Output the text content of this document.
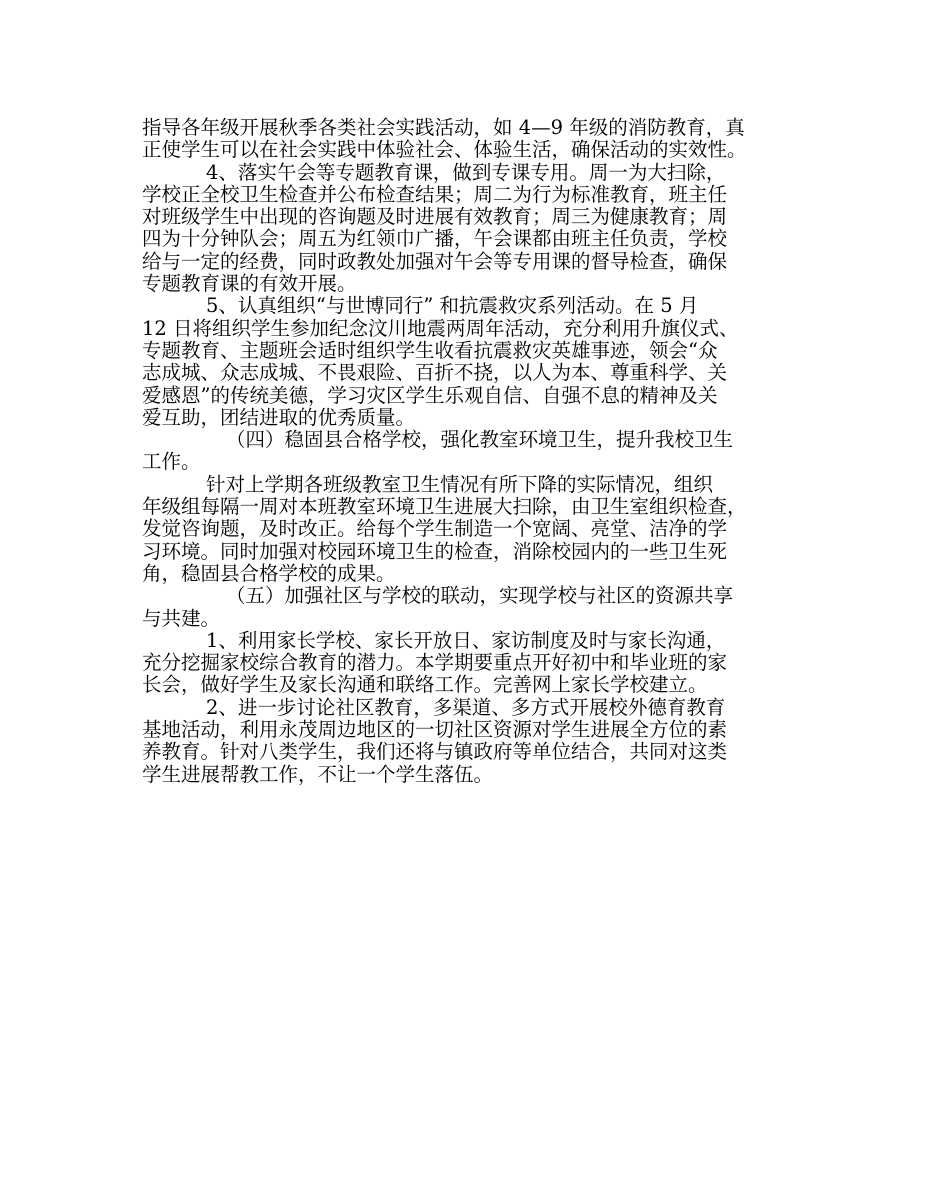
指导各年级开展秋季各类社会实践活动，如 4—9 年级的消防教育，真
正使学生可以在社会实践中体验社会、体验生活，确保活动的实效性。
4、落实午会等专题教育课，做到专课专用。周一为大扫除，
学校正全校卫生检查并公布检查结果；周二为行为标准教育，班主任
对班级学生中出现的咨询题及时进展有效教育；周三为健康教育；周
四为十分钟队会；周五为红领巾广播，午会课都由班主任负责，学校
给与一定的经费，同时政教处加强对午会等专用课的督导检查，确保
专题教育课的有效开展。
5、认真组织“与世博同行” 和抗震救灾系列活动。在 5 月
12 日将组织学生参加纪念汶川地震两周年活动，充分利用升旗仪式、
专题教育、主题班会适时组织学生收看抗震救灾英雄事迹，领会“众
志成城、众志成城、不畏艰险、百折不挠，以人为本、尊重科学、关
爱感恩”的传统美德，学习灾区学生乐观自信、自强不息的精神及关
爱互助，团结进取的优秀质量。
（四）稳固县合格学校，强化教室环境卫生，提升我校卫生
工作。
针对上学期各班级教室卫生情况有所下降的实际情况，组织
年级组每隔一周对本班教室环境卫生进展大扫除，由卫生室组织检查，
发觉咨询题，及时改正。给每个学生制造一个宽阔、亮堂、洁净的学
习环境。同时加强对校园环境卫生的检查，消除校园内的一些卫生死
角，稳固县合格学校的成果。
（五）加强社区与学校的联动，实现学校与社区的资源共享
与共建。
1、利用家长学校、家长开放日、家访制度及时与家长沟通，
充分挖掘家校综合教育的潜力。本学期要重点开好初中和毕业班的家
长会，做好学生及家长沟通和联络工作。完善网上家长学校建立。
2、进一步讨论社区教育，多渠道、多方式开展校外德育教育
基地活动，利用永茂周边地区的一切社区资源对学生进展全方位的素
养教育。针对八类学生，我们还将与镇政府等单位结合，共同对这类
学生进展帮教工作，不让一个学生落伍。
